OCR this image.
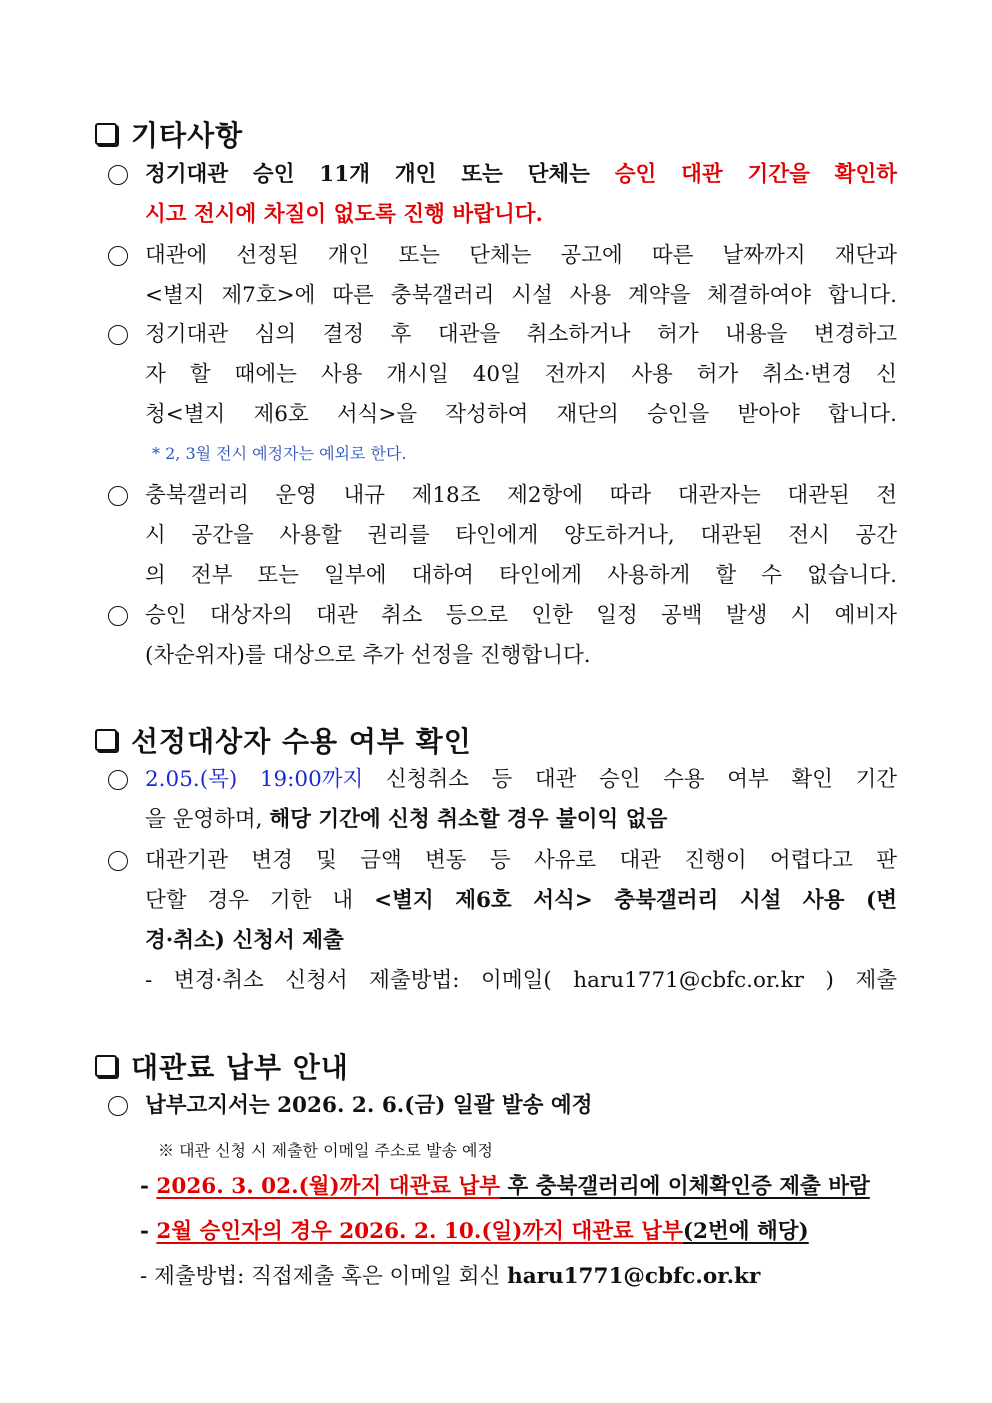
기타사항
정기대관 승인 11개 개인 또는 단체는 승인 대관 기간을 확인하
시고 전시에 차질이 없도록 진행 바랍니다.
대관에 선정된 개인 또는 단체는 공고에 따른 날짜까지 재단과
<별지 제7호>에 따른 충북갤러리 시설 사용 계약을 체결하여야 합니다.
정기대관 심의 결정 후 대관을 취소하거나 허가 내용을 변경하고
자 할 때에는 사용 개시일 40일 전까지 사용 허가 취소·변경 신
청<별지 제6호 서식>을 작성하여 재단의 승인을 받아야 합니다.
* 2, 3월 전시 예정자는 예외로 한다.
충북갤러리 운영 내규 제18조 제2항에 따라 대관자는 대관된 전
시 공간을 사용할 권리를 타인에게 양도하거나, 대관된 전시 공간
의 전부 또는 일부에 대하여 타인에게 사용하게 할 수 없습니다.
승인 대상자의 대관 취소 등으로 인한 일정 공백 발생 시 예비자
(차순위자)를 대상으로 추가 선정을 진행합니다.
선정대상자 수용 여부 확인
2.05.(목) 19:00까지 신청취소 등 대관 승인 수용 여부 확인 기간
을 운영하며, 해당 기간에 신청 취소할 경우 불이익 없음
대관기관 변경 및 금액 변동 등 사유로 대관 진행이 어렵다고 판
단할 경우 기한 내 <별지 제6호 서식> 충북갤러리 시설 사용 (변
경·취소) 신청서 제출
- 변경·취소 신청서 제출방법: 이메일( haru1771@cbfc.or.kr ) 제출
대관료 납부 안내
납부고지서는 2026. 2. 6.(금) 일괄 발송 예정
※ 대관 신청 시 제출한 이메일 주소로 발송 예정
- 2026. 3. 02.(월)까지 대관료 납부 후 충북갤러리에 이체확인증 제출 바람
- 2월 승인자의 경우 2026. 2. 10.(일)까지 대관료 납부(2번에 해당)
- 제출방법: 직접제출 혹은 이메일 회신 haru1771@cbfc.or.kr
